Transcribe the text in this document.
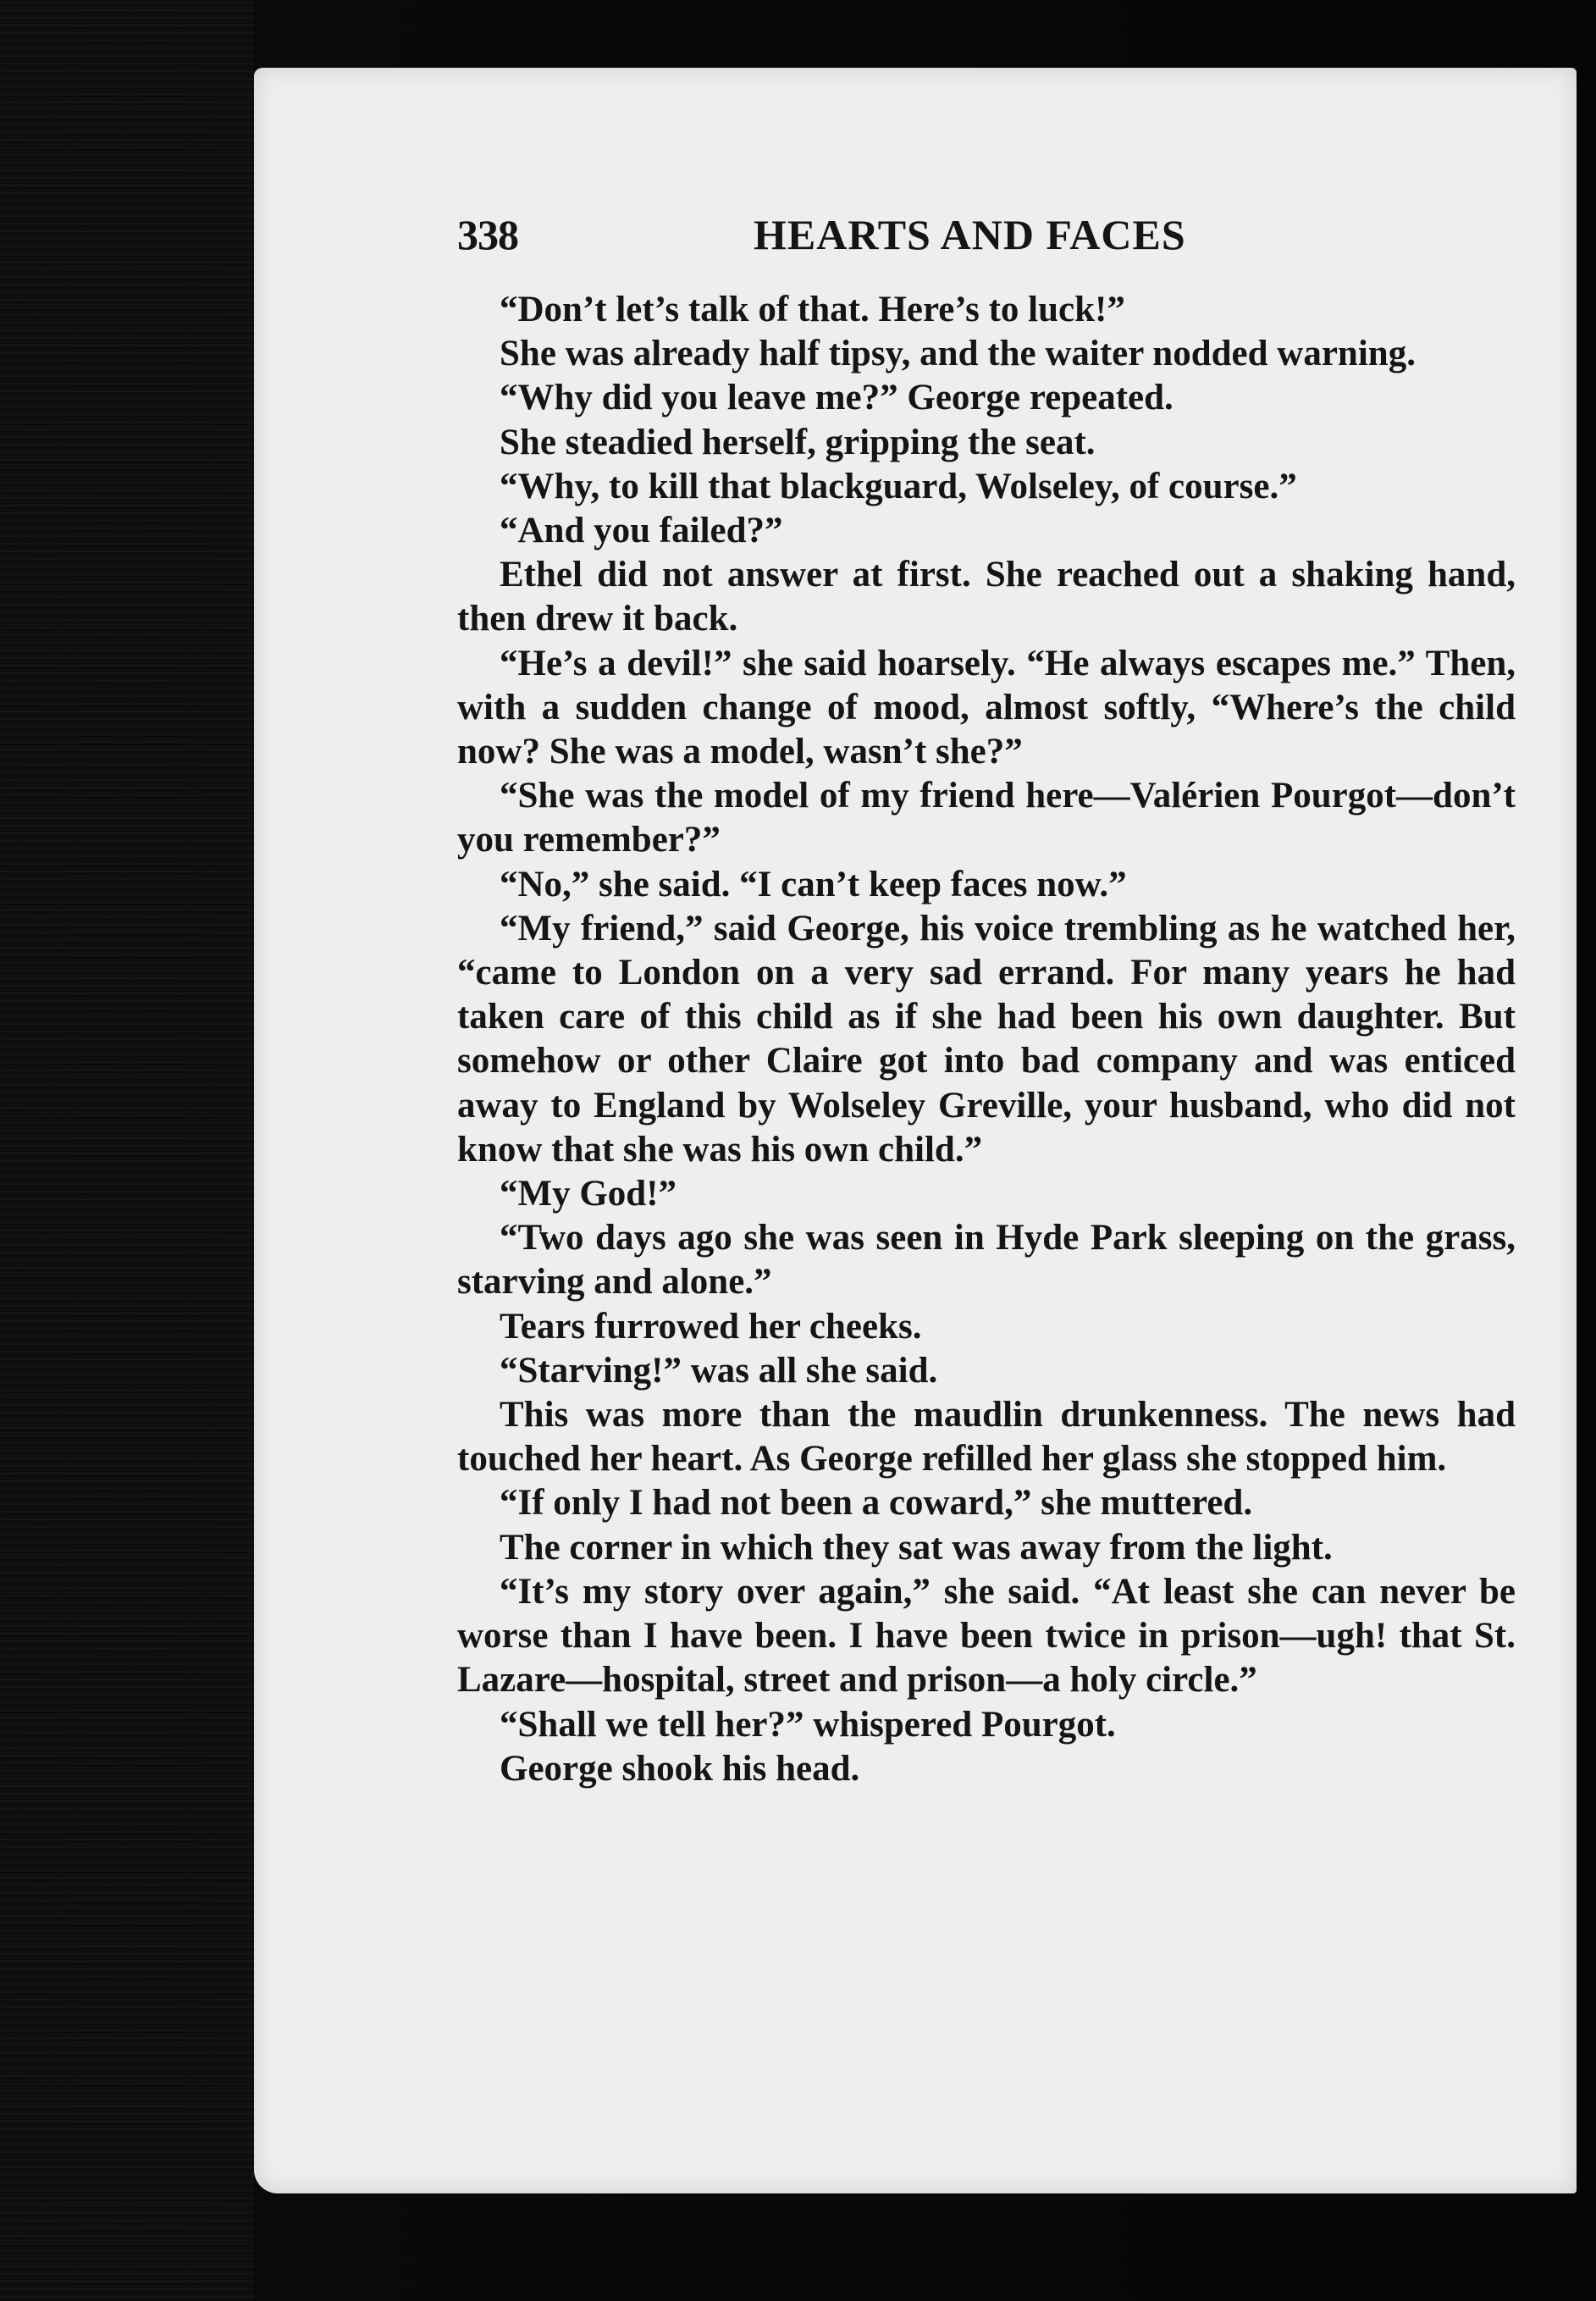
338	HEARTS AND FACES

“Don’t let’s talk of that. Here’s to luck!”

She was already half tipsy, and the waiter nodded warning.

“Why did you leave me?” George repeated.

She steadied herself, gripping the seat.

“Why, to kill that blackguard, Wolseley, of course.”

“And you failed?”

Ethel did not answer at first. She reached out a shaking hand, then drew it back.

“He’s a devil!” she said hoarsely. “He always escapes me.” Then, with a sudden change of mood, almost softly, “Where’s the child now? She was a model, wasn’t she?”

“She was the model of my friend here—Valérien Pourgot—don’t you remember?”

“No,” she said. “I can’t keep faces now.”

“My friend,” said George, his voice trembling as he watched her, “came to London on a very sad errand. For many years he had taken care of this child as if she had been his own daughter. But somehow or other Claire got into bad company and was enticed away to England by Wolseley Greville, your husband, who did not know that she was his own child.”

“My God!”

“Two days ago she was seen in Hyde Park sleeping on the grass, starving and alone.”

Tears furrowed her cheeks.

“Starving!” was all she said.

This was more than the maudlin drunkenness. The news had touched her heart. As George refilled her glass she stopped him.

“If only I had not been a coward,” she muttered.

The corner in which they sat was away from the light.

“It’s my story over again,” she said. “At least she can never be worse than I have been. I have been twice in prison—ugh! that St. Lazare—hospital, street and prison—a holy circle.”

“Shall we tell her?” whispered Pourgot.

George shook his head.
